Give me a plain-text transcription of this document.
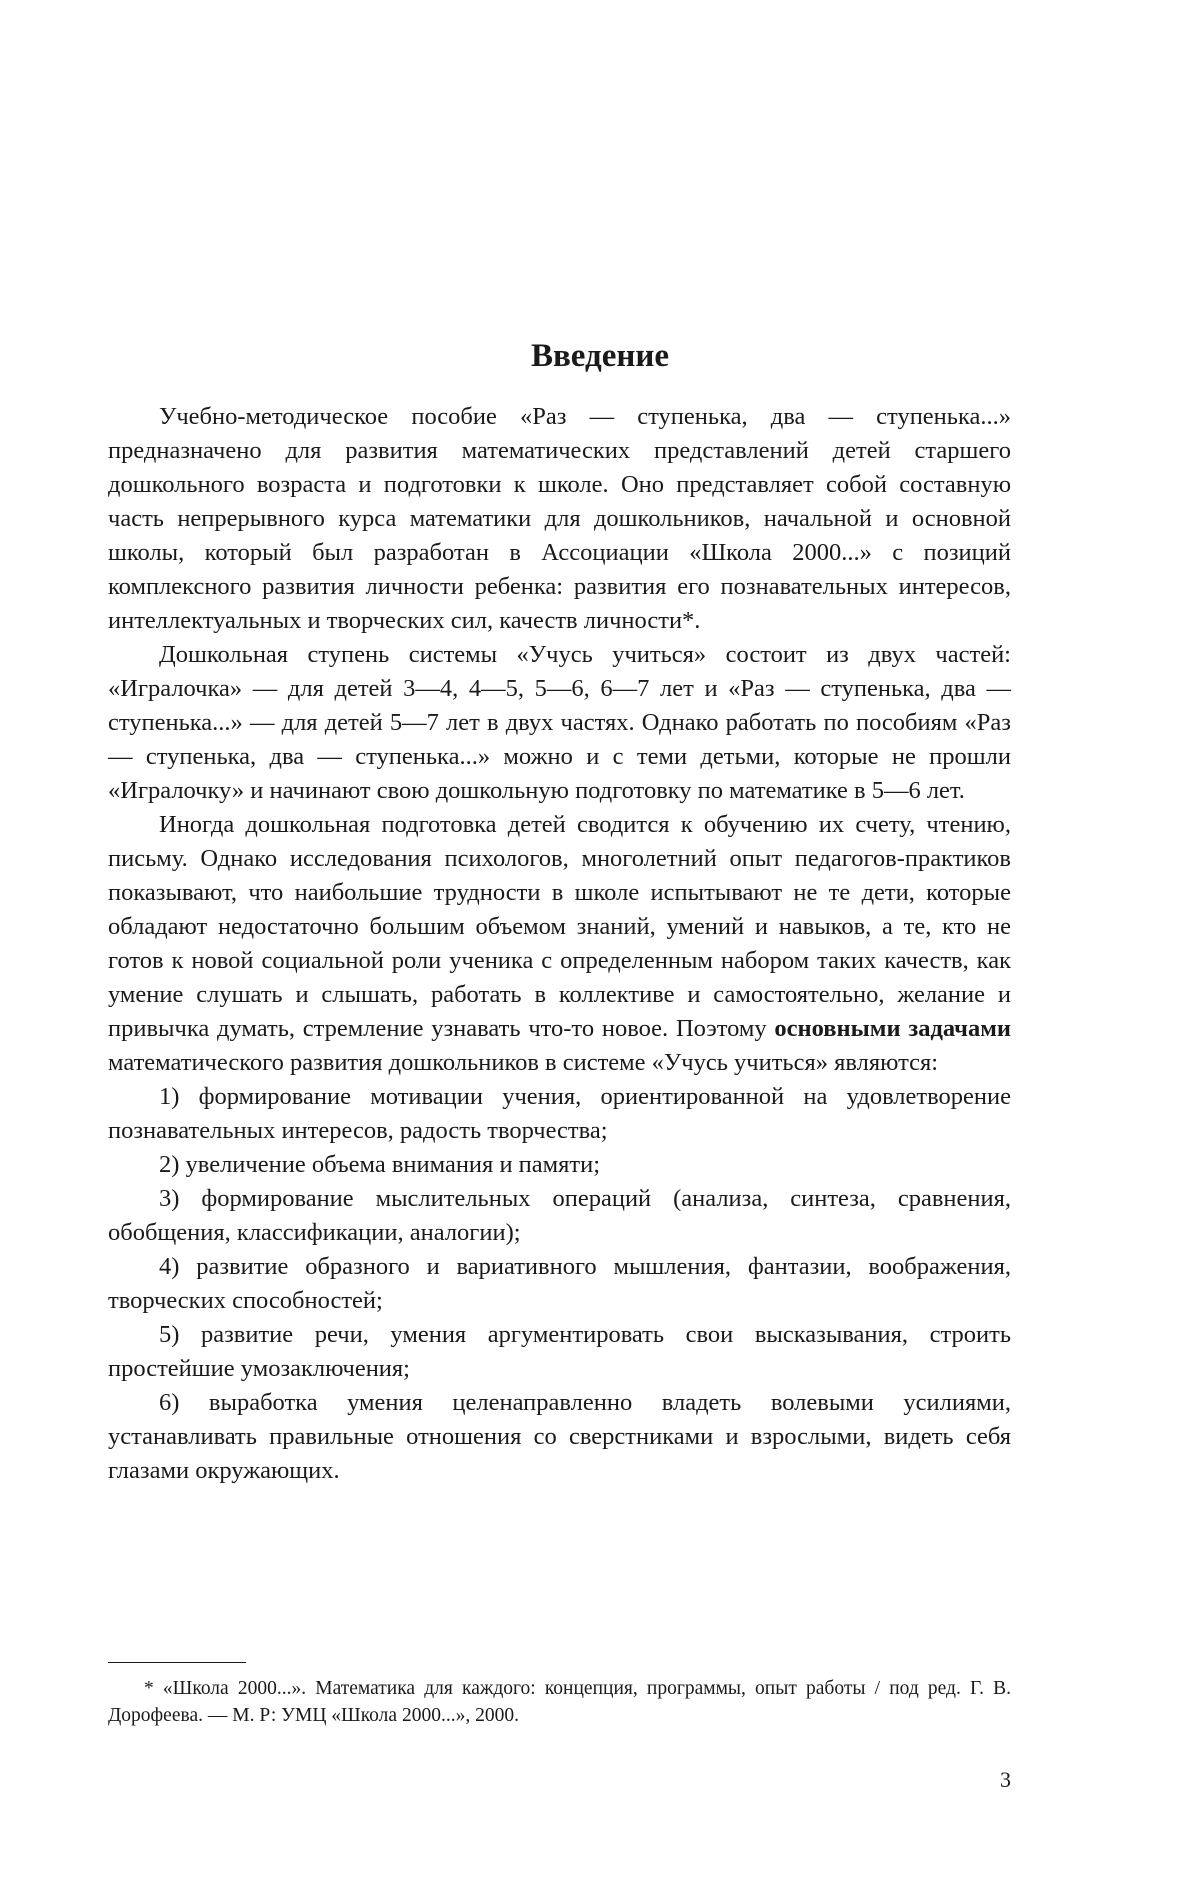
Введение

Учебно-методическое пособие «Раз — ступенька, два — ступенька...» предназначено для развития математических представлений детей старшего дошкольного возраста и подготовки к школе. Оно представляет собой составную часть непрерывного курса математики для дошкольников, начальной и основной школы, который был разработан в Ассоциации «Школа 2000...» с позиций комплексного развития личности ребенка: развития его познавательных интересов, интеллектуальных и творческих сил, качеств личности*.

Дошкольная ступень системы «Учусь учиться» состоит из двух частей: «Игралочка» — для детей 3—4, 4—5, 5—6, 6—7 лет и «Раз — ступенька, два — ступенька...» — для детей 5—7 лет в двух частях. Однако работать по пособиям «Раз — ступенька, два — ступенька...» можно и с теми детьми, которые не прошли «Игралочку» и начинают свою дошкольную подготовку по математике в 5—6 лет.

Иногда дошкольная подготовка детей сводится к обучению их счету, чтению, письму. Однако исследования психологов, многолетний опыт педагогов-практиков показывают, что наибольшие трудности в школе испытывают не те дети, которые обладают недостаточно большим объемом знаний, умений и навыков, а те, кто не готов к новой социальной роли ученика с определенным набором таких качеств, как умение слушать и слышать, работать в коллективе и самостоятельно, желание и привычка думать, стремление узнавать что-то новое. Поэтому основными задачами математического развития дошкольников в системе «Учусь учиться» являются:

1) формирование мотивации учения, ориентированной на удовлетворение познавательных интересов, радость творчества;

2) увеличение объема внимания и памяти;

3) формирование мыслительных операций (анализа, синтеза, сравнения, обобщения, классификации, аналогии);

4) развитие образного и вариативного мышления, фантазии, воображения, творческих способностей;

5) развитие речи, умения аргументировать свои высказывания, строить простейшие умозаключения;

6) выработка умения целенаправленно владеть волевыми усилиями, устанавливать правильные отношения со сверстниками и взрослыми, видеть себя глазами окружающих.

* «Школа 2000...». Математика для каждого: концепция, программы, опыт работы / под ред. Г. В. Дорофеева. — М. Р: УМЦ «Школа 2000...», 2000.

3
